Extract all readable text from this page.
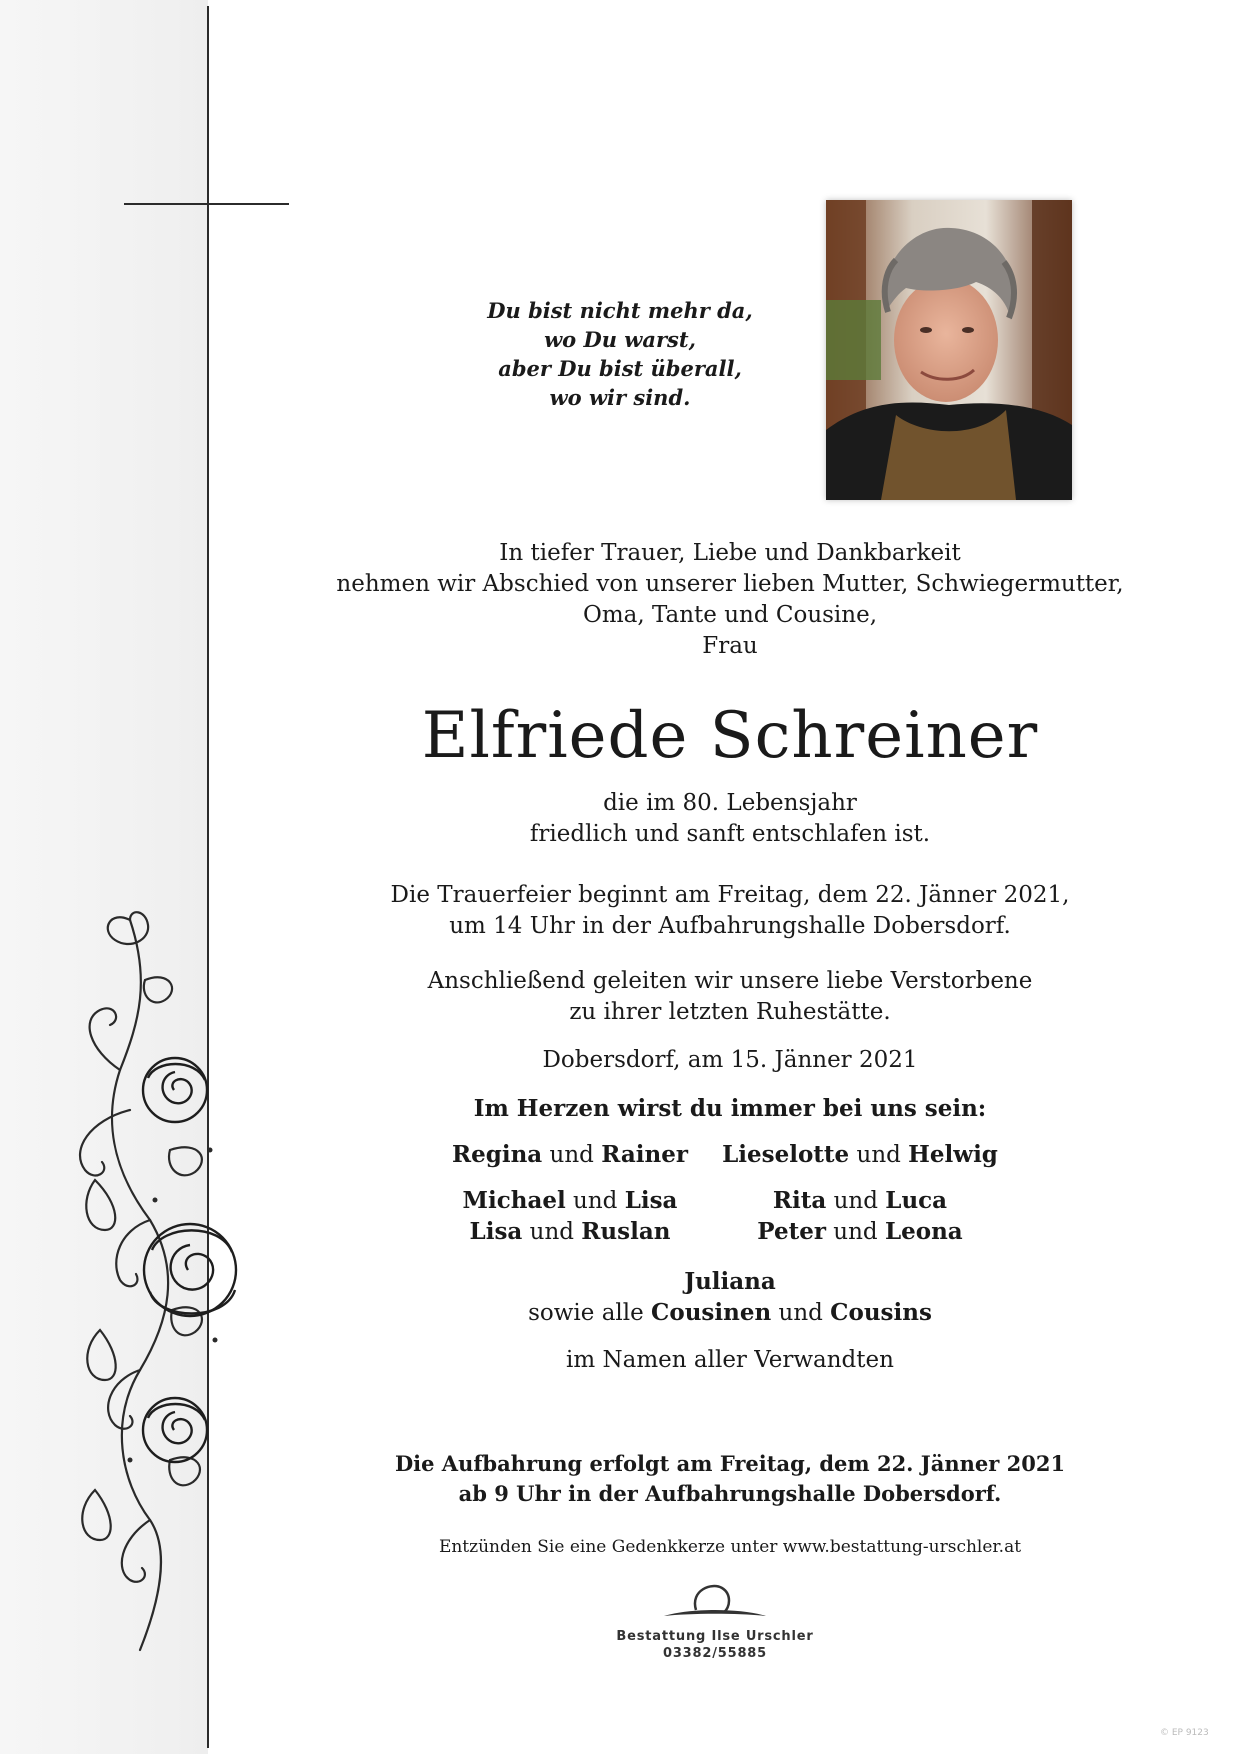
Du bist nicht mehr da,
wo Du warst,
aber Du bist überall,
wo wir sind.
In tiefer Trauer, Liebe und Dankbarkeit
nehmen wir Abschied von unserer lieben Mutter, Schwiegermutter,
Oma, Tante und Cousine,
Frau
Elfriede Schreiner
die im 80. Lebensjahr
friedlich und sanft entschlafen ist.
Die Trauerfeier beginnt am Freitag, dem 22. Jänner 2021,
um 14 Uhr in der Aufbahrungshalle Dobersdorf.
Anschließend geleiten wir unsere liebe Verstorbene
zu ihrer letzten Ruhestätte.
Dobersdorf, am 15. Jänner 2021
Im Herzen wirst du immer bei uns sein:
Regina und Rainer	Lieselotte und Helwig
Michael und Lisa
Lisa und Ruslan
Rita und Luca
Peter und Leona
Juliana
sowie alle Cousinen und Cousins
im Namen aller Verwandten
Die Aufbahrung erfolgt am Freitag, dem 22. Jänner 2021
ab 9 Uhr in der Aufbahrungshalle Dobersdorf.
Entzünden Sie eine Gedenkkerze unter www.bestattung-urschler.at
Bestattung Ilse Urschler
03382/55885
© EP 9123
